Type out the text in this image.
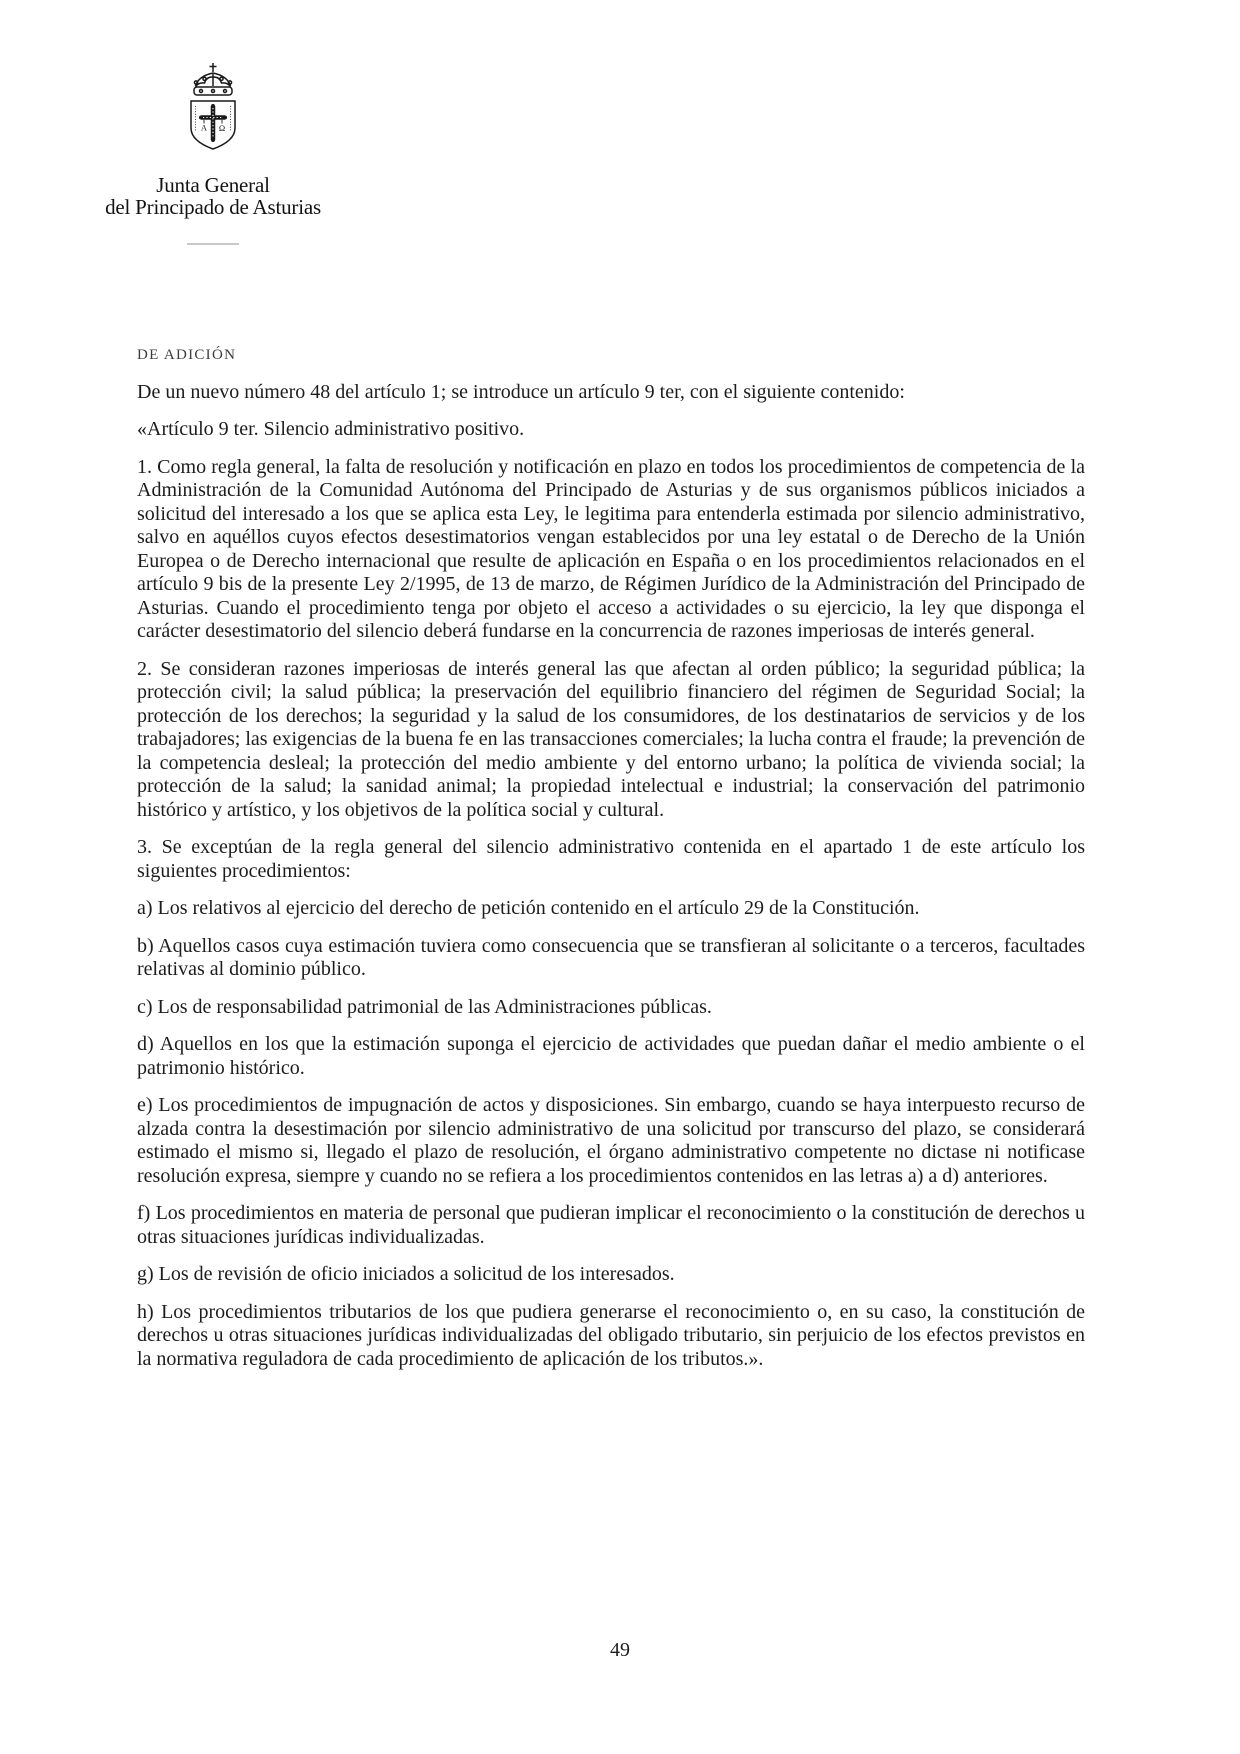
Α Ω
Junta General
del Principado de Asturias
DE ADICIÓN

De un nuevo número 48 del artículo 1; se introduce un artículo 9 ter, con el siguiente contenido:

«Artículo 9 ter. Silencio administrativo positivo.

1. Como regla general, la falta de resolución y notificación en plazo en todos los procedimientos de competencia de la Administración de la Comunidad Autónoma del Principado de Asturias y de sus organismos públicos iniciados a solicitud del interesado a los que se aplica esta Ley, le legitima para entenderla estimada por silencio administrativo, salvo en aquéllos cuyos efectos desestimatorios vengan establecidos por una ley estatal o de Derecho de la Unión Europea o de Derecho internacional que resulte de aplicación en España o en los procedimientos relacionados en el artículo 9 bis de la presente Ley 2/1995, de 13 de marzo, de Régimen Jurídico de la Administración del Principado de Asturias. Cuando el procedimiento tenga por objeto el acceso a actividades o su ejercicio, la ley que disponga el carácter desestimatorio del silencio deberá fundarse en la concurrencia de razones imperiosas de interés general.

2. Se consideran razones imperiosas de interés general las que afectan al orden público; la seguridad pública; la protección civil; la salud pública; la preservación del equilibrio financiero del régimen de Seguridad Social; la protección de los derechos; la seguridad y la salud de los consumidores, de los destinatarios de servicios y de los trabajadores; las exigencias de la buena fe en las transacciones comerciales; la lucha contra el fraude; la prevención de la competencia desleal; la protección del medio ambiente y del entorno urbano; la política de vivienda social; la protección de la salud; la sanidad animal; la propiedad intelectual e industrial; la conservación del patrimonio histórico y artístico, y los objetivos de la política social y cultural.

3. Se exceptúan de la regla general del silencio administrativo contenida en el apartado 1 de este artículo los siguientes procedimientos:

a) Los relativos al ejercicio del derecho de petición contenido en el artículo 29 de la Constitución.

b) Aquellos casos cuya estimación tuviera como consecuencia que se transfieran al solicitante o a terceros, facultades relativas al dominio público.

c) Los de responsabilidad patrimonial de las Administraciones públicas.

d) Aquellos en los que la estimación suponga el ejercicio de actividades que puedan dañar el medio ambiente o el patrimonio histórico.

e) Los procedimientos de impugnación de actos y disposiciones. Sin embargo, cuando se haya interpuesto recurso de alzada contra la desestimación por silencio administrativo de una solicitud por transcurso del plazo, se considerará estimado el mismo si, llegado el plazo de resolución, el órgano administrativo competente no dictase ni notificase resolución expresa, siempre y cuando no se refiera a los procedimientos contenidos en las letras a) a d) anteriores.

f) Los procedimientos en materia de personal que pudieran implicar el reconocimiento o la constitución de derechos u otras situaciones jurídicas individualizadas.

g) Los de revisión de oficio iniciados a solicitud de los interesados.

h) Los procedimientos tributarios de los que pudiera generarse el reconocimiento o, en su caso, la constitución de derechos u otras situaciones jurídicas individualizadas del obligado tributario, sin perjuicio de los efectos previstos en la normativa reguladora de cada procedimiento de aplicación de los tributos.».

49
